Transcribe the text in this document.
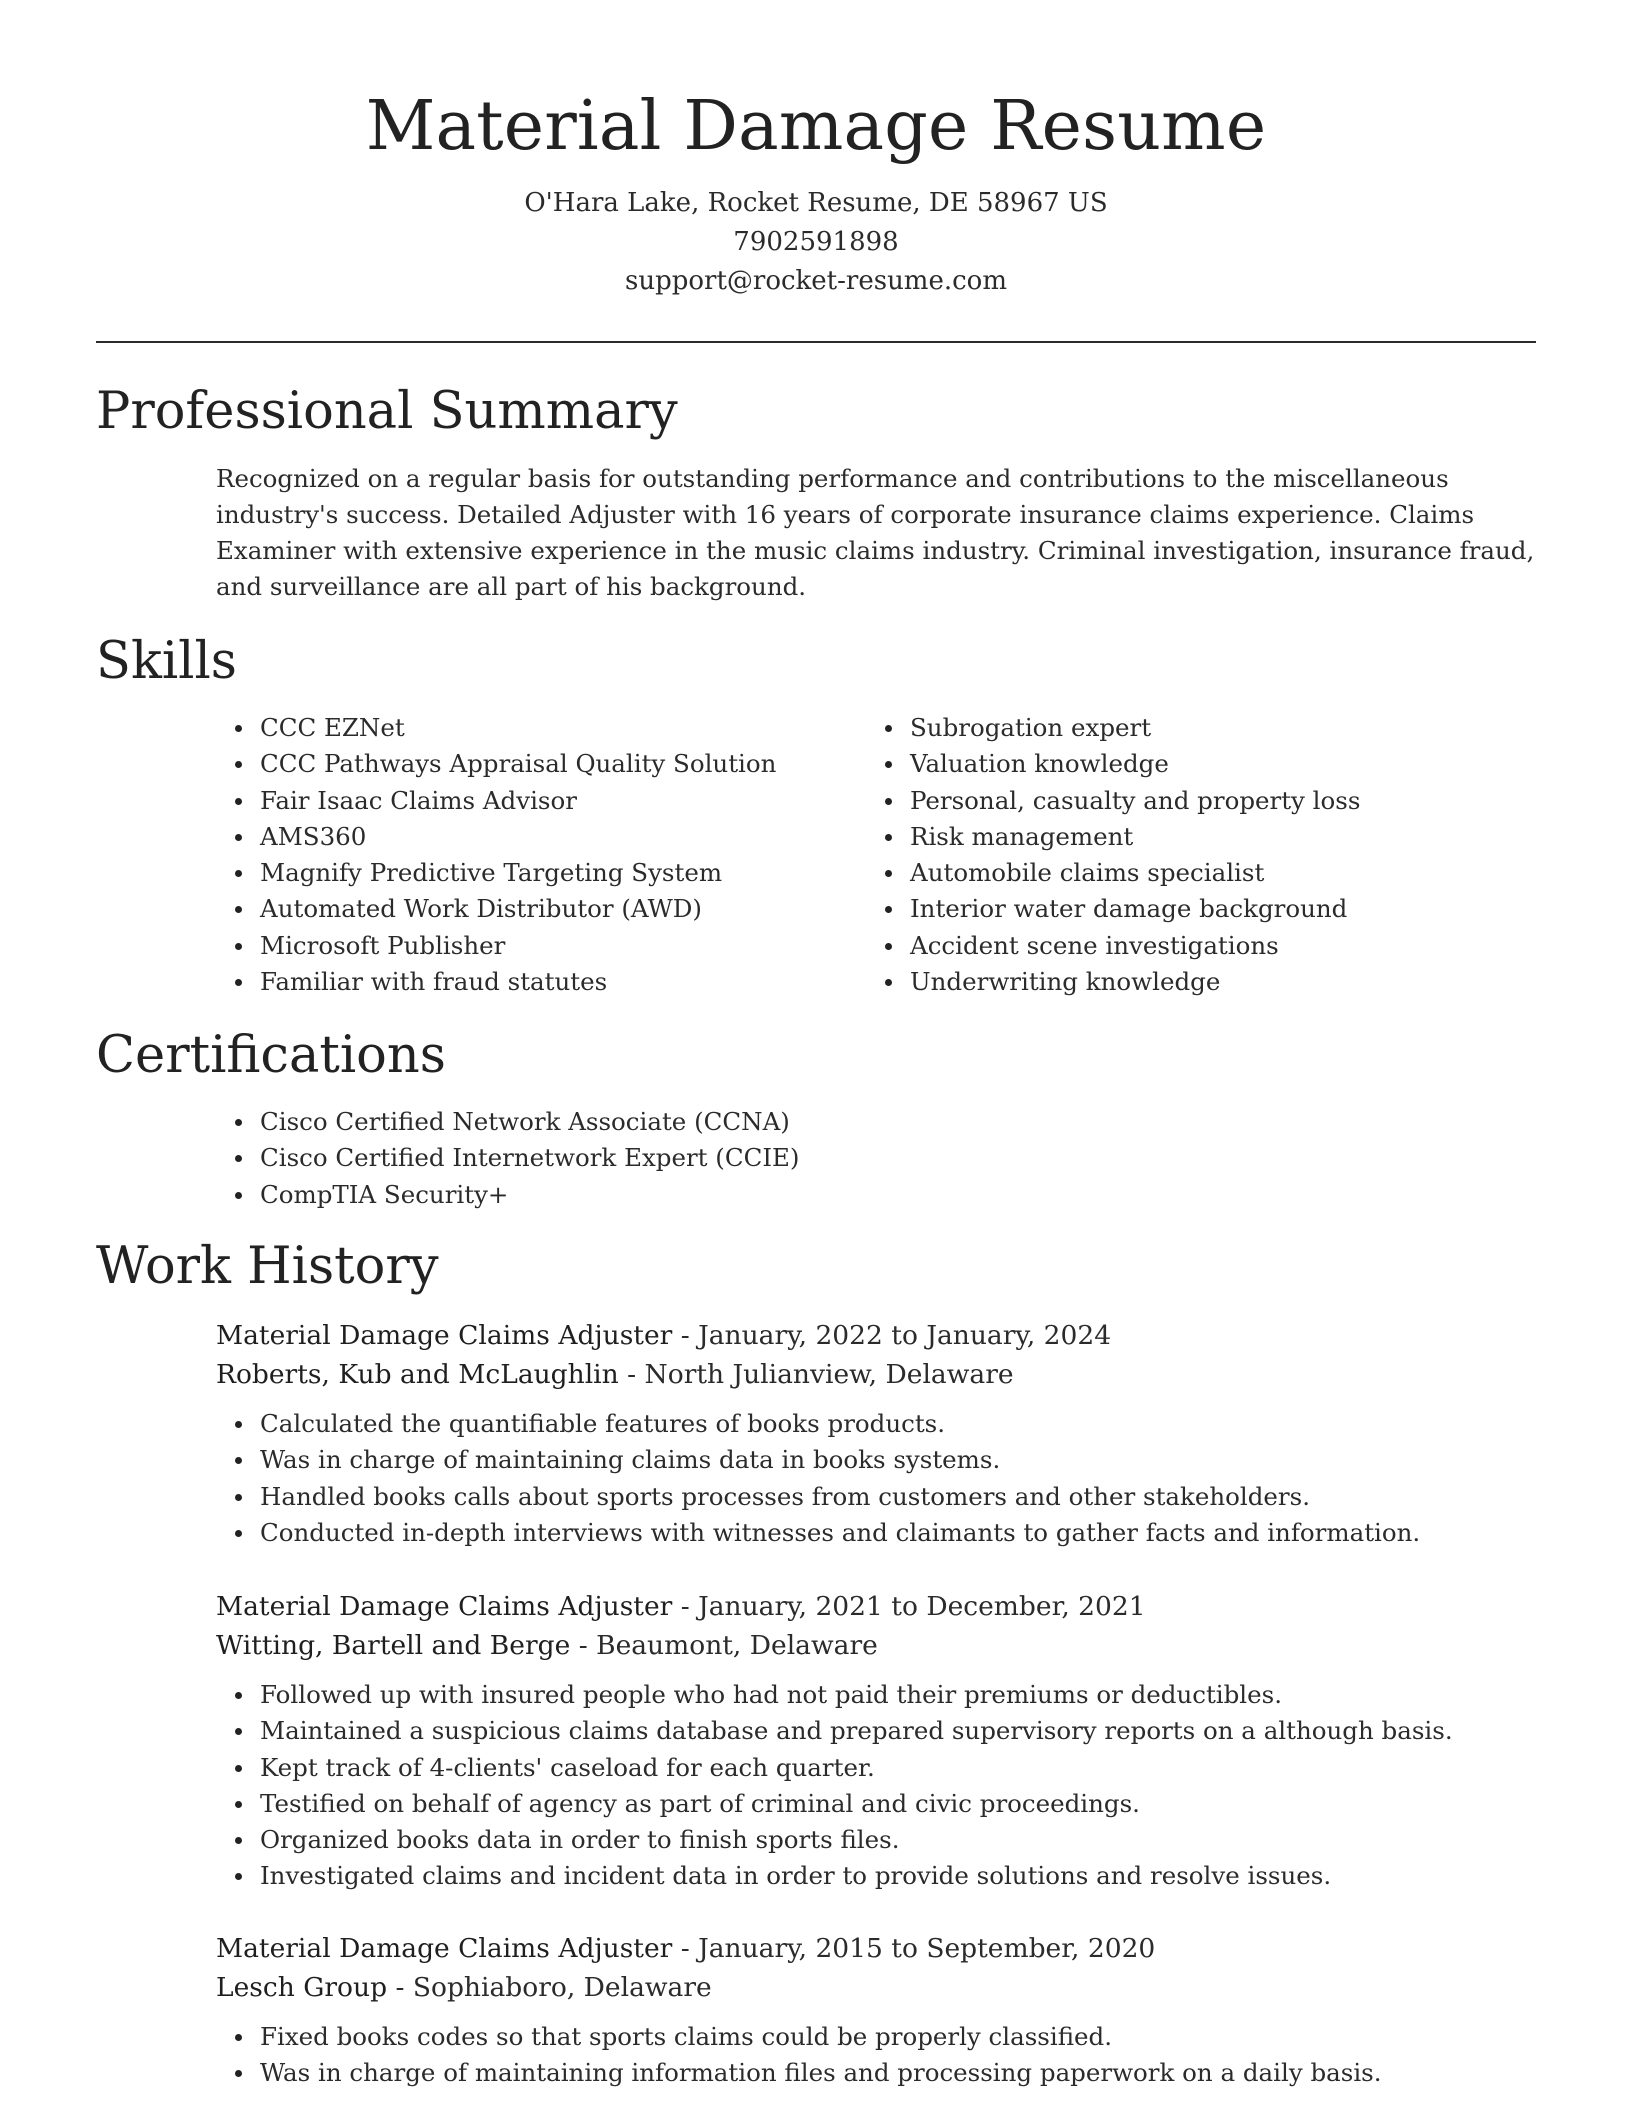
Material Damage Resume
O'Hara Lake, Rocket Resume, DE 58967 US
7902591898
support@rocket-resume.com
Professional Summary

Recognized on a regular basis for outstanding performance and contributions to the miscellaneous industry's success. Detailed Adjuster with 16 years of corporate insurance claims experience. Claims Examiner with extensive experience in the music claims industry. Criminal investigation, insurance fraud, and surveillance are all part of his background.

Skills
CCC EZNet
CCC Pathways Appraisal Quality Solution
Fair Isaac Claims Advisor
AMS360
Magnify Predictive Targeting System
Automated Work Distributor (AWD)
Microsoft Publisher
Familiar with fraud statutes
Subrogation expert
Valuation knowledge
Personal, casualty and property loss
Risk management
Automobile claims specialist
Interior water damage background
Accident scene investigations
Underwriting knowledge
Certifications
Cisco Certified Network Associate (CCNA)
Cisco Certified Internetwork Expert (CCIE)
CompTIA Security+
Work History
Material Damage Claims Adjuster - January, 2022 to January, 2024
Roberts, Kub and McLaughlin - North Julianview, Delaware
Calculated the quantifiable features of books products.
Was in charge of maintaining claims data in books systems.
Handled books calls about sports processes from customers and other stakeholders.
Conducted in-depth interviews with witnesses and claimants to gather facts and information.
Material Damage Claims Adjuster - January, 2021 to December, 2021
Witting, Bartell and Berge - Beaumont, Delaware
Followed up with insured people who had not paid their premiums or deductibles.
Maintained a suspicious claims database and prepared supervisory reports on a although basis.
Kept track of 4-clients' caseload for each quarter.
Testified on behalf of agency as part of criminal and civic proceedings.
Organized books data in order to finish sports files.
Investigated claims and incident data in order to provide solutions and resolve issues.
Material Damage Claims Adjuster - January, 2015 to September, 2020
Lesch Group - Sophiaboro, Delaware
Fixed books codes so that sports claims could be properly classified.
Was in charge of maintaining information files and processing paperwork on a daily basis.
